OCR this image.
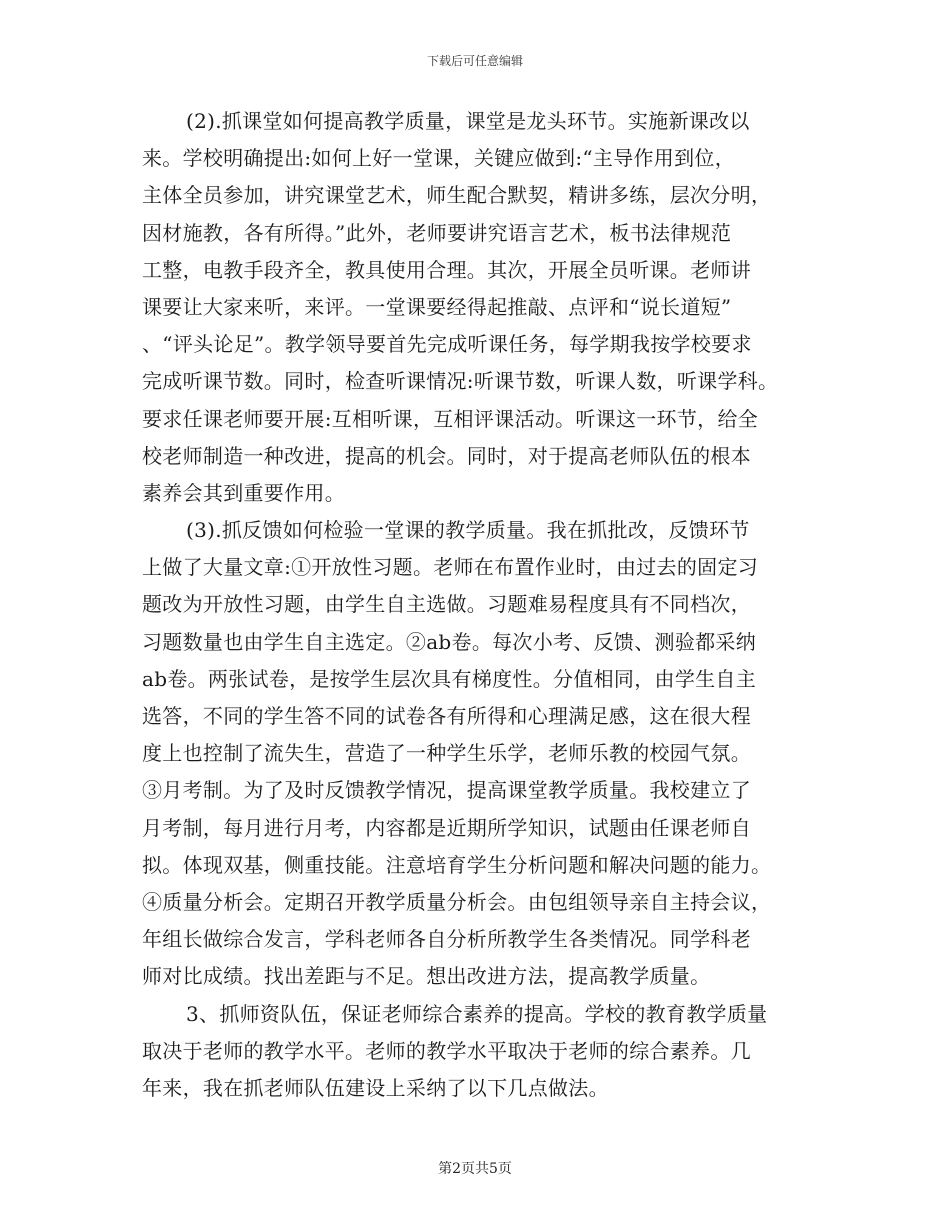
下载后可任意编辑
(2).抓课堂如何提高教学质量，课堂是龙头环节。实施新课改以
来。学校明确提出:如何上好一堂课，关键应做到:“主导作用到位，
主体全员参加，讲究课堂艺术，师生配合默契，精讲多练，层次分明，
因材施教，各有所得。”此外，老师要讲究语言艺术，板书法律规范
工整，电教手段齐全，教具使用合理。其次，开展全员听课。老师讲
课要让大家来听，来评。一堂课要经得起推敲、点评和“说长道短”
、“评头论足”。教学领导要首先完成听课任务，每学期我按学校要求
完成听课节数。同时，检查听课情况:听课节数，听课人数，听课学科。
要求任课老师要开展:互相听课，互相评课活动。听课这一环节，给全
校老师制造一种改进，提高的机会。同时，对于提高老师队伍的根本
素养会其到重要作用。
(3).抓反馈如何检验一堂课的教学质量。我在抓批改，反馈环节
上做了大量文章:①开放性习题。老师在布置作业时，由过去的固定习
题改为开放性习题，由学生自主选做。习题难易程度具有不同档次，
习题数量也由学生自主选定。②ab卷。每次小考、反馈、测验都采纳
ab卷。两张试卷，是按学生层次具有梯度性。分值相同，由学生自主
选答，不同的学生答不同的试卷各有所得和心理满足感，这在很大程
度上也控制了流失生，营造了一种学生乐学，老师乐教的校园气氛。
③月考制。为了及时反馈教学情况，提高课堂教学质量。我校建立了
月考制，每月进行月考，内容都是近期所学知识，试题由任课老师自
拟。体现双基，侧重技能。注意培育学生分析问题和解决问题的能力。
④质量分析会。定期召开教学质量分析会。由包组领导亲自主持会议，
年组长做综合发言，学科老师各自分析所教学生各类情况。同学科老
师对比成绩。找出差距与不足。想出改进方法，提高教学质量。
3、抓师资队伍，保证老师综合素养的提高。学校的教育教学质量
取决于老师的教学水平。老师的教学水平取决于老师的综合素养。几
年来，我在抓老师队伍建设上采纳了以下几点做法。
第2页共5页
